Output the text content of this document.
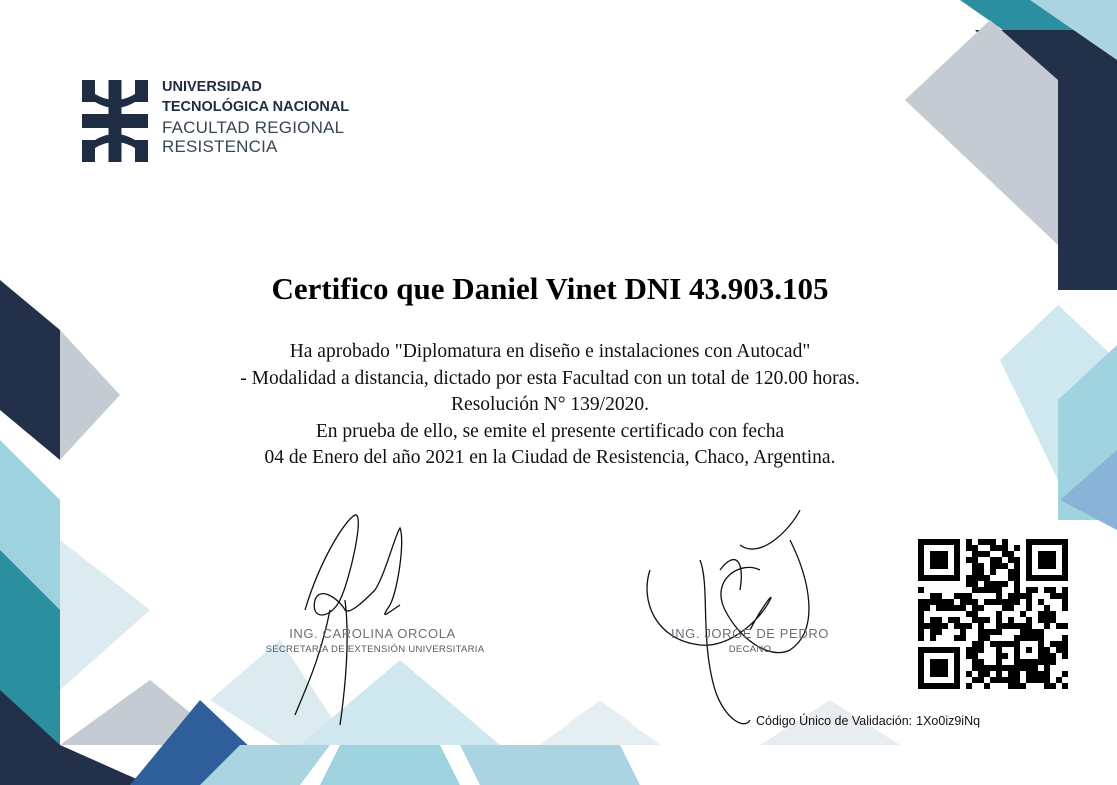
UNIVERSIDAD
TECNOLÓGICA NACIONAL
FACULTAD REGIONAL
RESISTENCIA
Certifico que Daniel Vinet DNI 43.903.105
Ha aprobado "Diplomatura en diseño e instalaciones con Autocad"
- Modalidad a distancia, dictado por esta Facultad con un total de 120.00 horas.
Resolución N° 139/2020.
En prueba de ello, se emite el presente certificado con fecha
04 de Enero del año 2021 en la Ciudad de Resistencia, Chaco, Argentina.
ING. CAROLINA ORCOLA
SECRETARÍA DE EXTENSIÓN UNIVERSITARIA
ING. JORGE DE PEDRO
DECANO
Código Único de Validación: 1Xo0iz9iNq
